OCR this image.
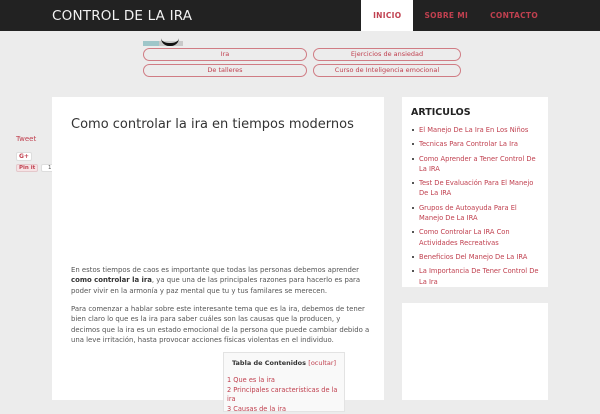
CONTROL DE LA IRA	INICIO	SOBRE MI	CONTACTO
Ira	Ejercicios de ansiedad
De talleres	Curso de Inteligencia emocional
Tweet
G+
Pin it	1
Como controlar la ira en tiempos modernos

En estos tiempos de caos es importante que todas las personas debemos aprender como controlar la ira, ya que una de las principales razones para hacerlo es para poder vivir en la armonía y paz mental que tu y tus familares se merecen.

Para comenzar a hablar sobre este interesante tema que es la ira, debemos de tener bien claro lo que es la ira para saber cuáles son las causas que la producen, y decimos que la ira es un estado emocional de la persona que puede cambiar debido a una leve irritación, hasta provocar acciones físicas violentas en el individuo.

Tabla de Contenidos [ocultar]
1 Que es la ira
2 Principales características de la ira
3 Causas de la ira
ARTICULOS
El Manejo De La Ira En Los Niños
Tecnicas Para Controlar La Ira
Como Aprender a Tener Control De La IRA
Test De Evaluación Para El Manejo De La IRA
Grupos de Autoayuda Para El Manejo De La IRA
Como Controlar La IRA Con Actividades Recreativas
Beneficios Del Manejo De La IRA
La Importancia De Tener Control De La Ira
